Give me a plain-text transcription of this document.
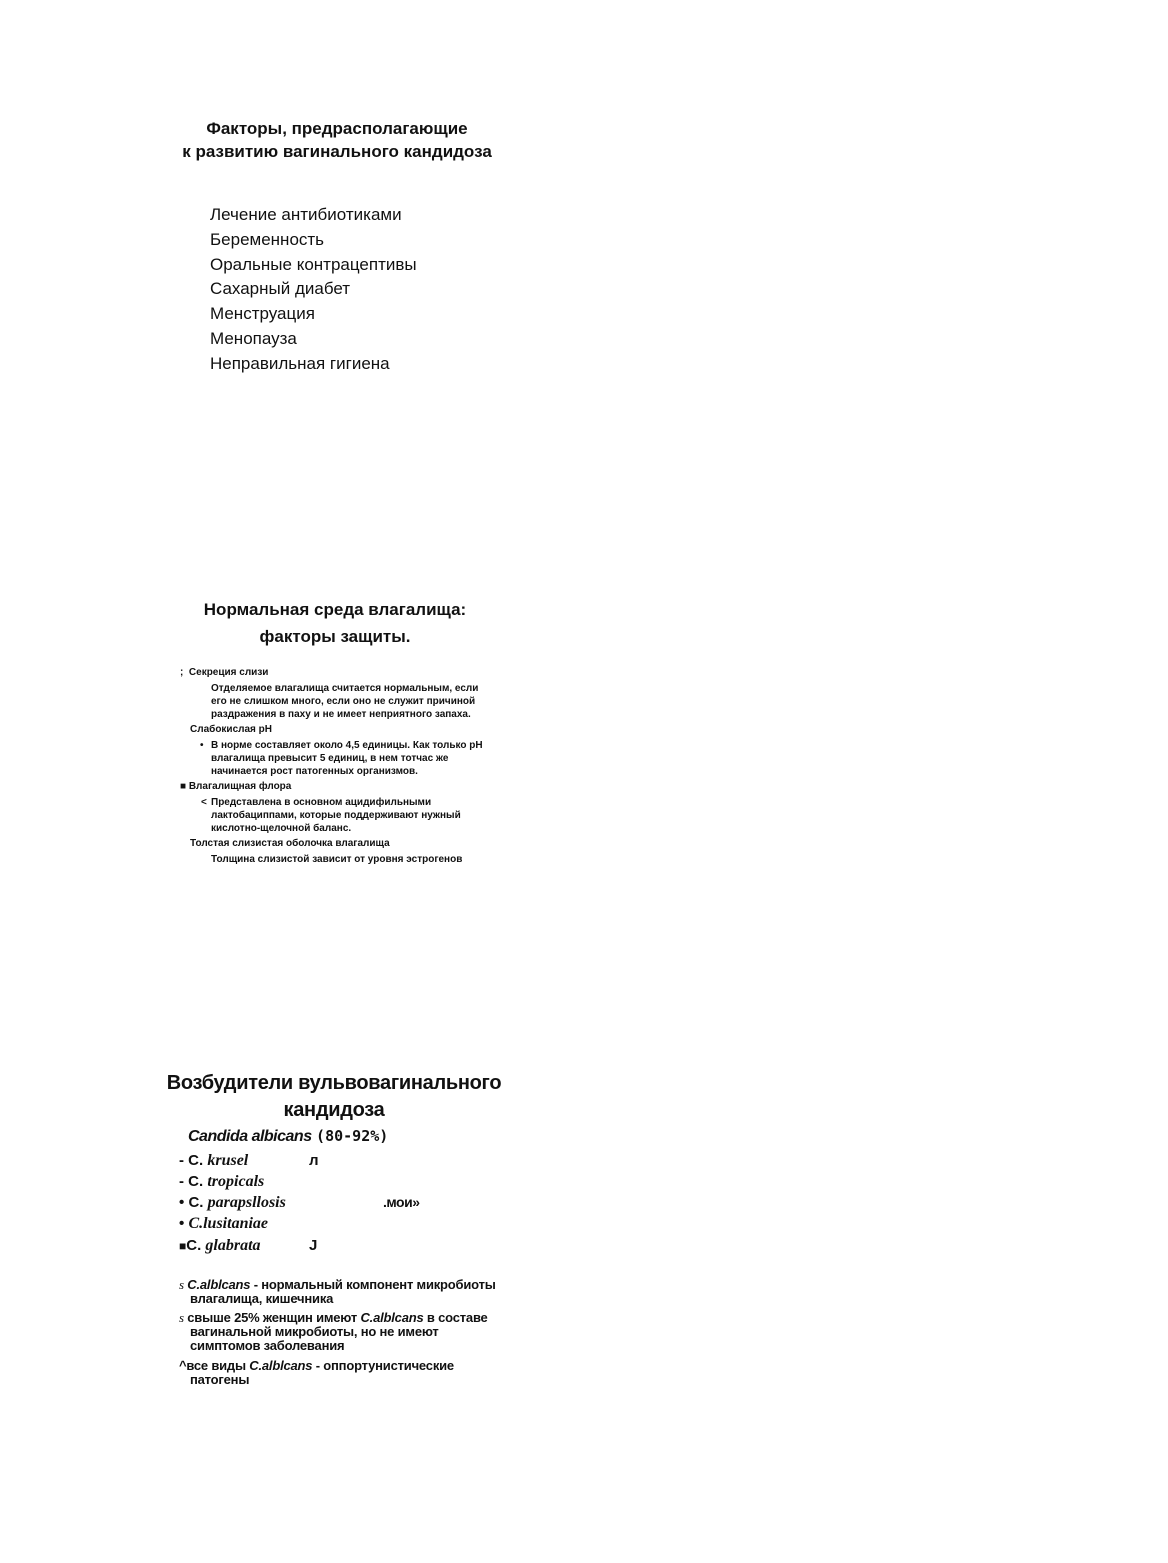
Факторы, предрасполагающие
к развитию вагинального кандидоза
Лечение антибиотиками
Беременность
Оральные контрацептивы
Сахарный диабет
Менструация
Менопауза
Неправильная гигиена
Нормальная среда влагалища:
факторы защиты.
; Секреция слизи
Отделяемое влагалища считается нормальным, если
его не слишком много, если оно не служит причиной
раздражения в паху и не имеет неприятного запаха.
Слабокислая pH
• В норме составляет около 4,5 единицы. Как только pH
влагалища превысит 5 единиц, в нем тотчас же
начинается рост патогенных организмов.
■ Влагалищная флора
< Представлена в основном ацидифильными
лактобациппами, которые поддерживают нужный
кислотно-щелочной баланс.
Толстая слизистая оболочка влагалища
Толщина слизистой зависит от уровня эстрогенов
Возбудители вульвовагинального
кандидоза
Candida albicans (80-92%)
- C. krusel	л
- C. tropicals
• C. parapsllosis	.мои»
• C.lusitaniae
■C. glabrata	J
s C.alblcans - нормальный компонент микробиоты
влагалища, кишечника
s свыше 25% женщин имеют C.alblcans в составе
вагинальной микробиоты, но не имеют
симптомов заболевания
^все виды C.alblcans - оппортунистические
патогены
